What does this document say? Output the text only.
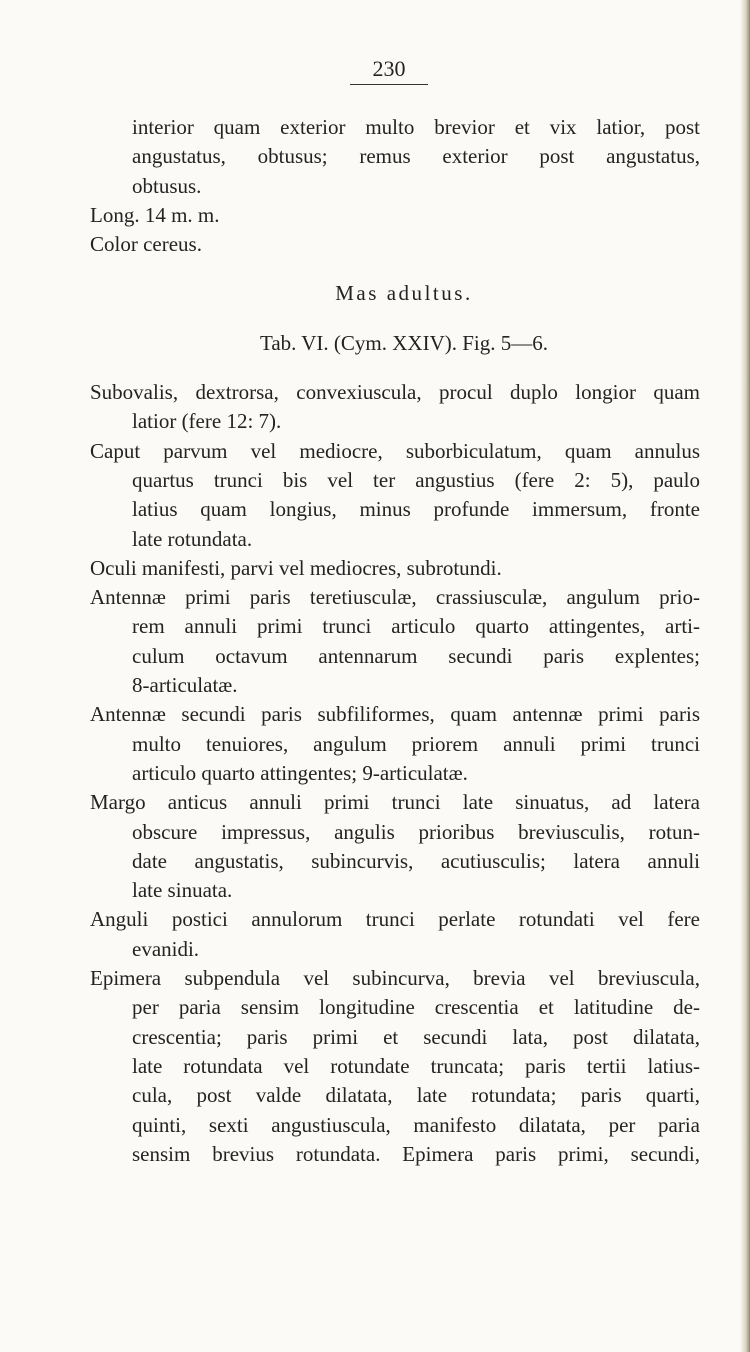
230
interior quam exterior multo brevior et vix latior, post
angustatus, obtusus; remus exterior post angustatus,
obtusus.
Long. 14 m. m.
Color cereus.
Mas adultus.
Tab. VI. (Cym. XXIV). Fig. 5—6.
Subovalis, dextrorsa, convexiuscula, procul duplo longior quam
latior (fere 12: 7).
Caput parvum vel mediocre, suborbiculatum, quam annulus
quartus trunci bis vel ter angustius (fere 2: 5), paulo
latius quam longius, minus profunde immersum, fronte
late rotundata.
Oculi manifesti, parvi vel mediocres, subrotundi.
Antennæ primi paris teretiusculæ, crassiusculæ, angulum prio-
rem annuli primi trunci articulo quarto attingentes, arti-
culum octavum antennarum secundi paris explentes;
8-articulatæ.
Antennæ secundi paris subfiliformes, quam antennæ primi paris
multo tenuiores, angulum priorem annuli primi trunci
articulo quarto attingentes; 9-articulatæ.
Margo anticus annuli primi trunci late sinuatus, ad latera
obscure impressus, angulis prioribus breviusculis, rotun-
date angustatis, subincurvis, acutiusculis; latera annuli
late sinuata.
Anguli postici annulorum trunci perlate rotundati vel fere
evanidi.
Epimera subpendula vel subincurva, brevia vel breviuscula,
per paria sensim longitudine crescentia et latitudine de-
crescentia; paris primi et secundi lata, post dilatata,
late rotundata vel rotundate truncata; paris tertii latius-
cula, post valde dilatata, late rotundata; paris quarti,
quinti, sexti angustiuscula, manifesto dilatata, per paria
sensim brevius rotundata. Epimera paris primi, secundi,
